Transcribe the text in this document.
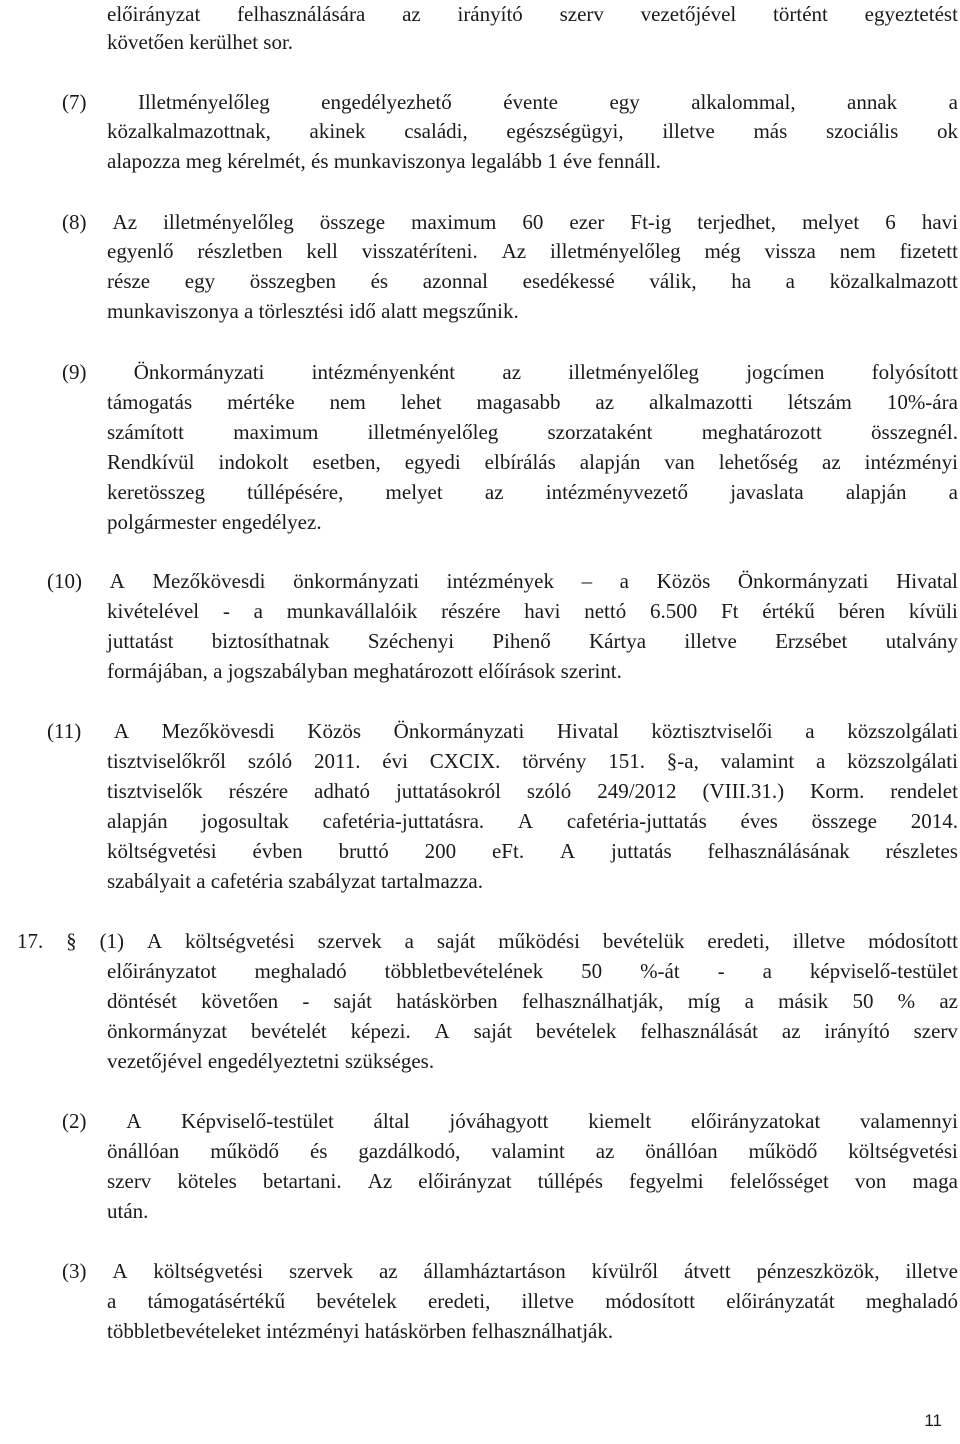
előirányzat felhasználására az irányító szerv vezetőjével történt egyeztetést
követően kerülhet sor.
(7) Illetményelőleg engedélyezhető évente egy alkalommal, annak a
közalkalmazottnak, akinek családi, egészségügyi, illetve más szociális ok
alapozza meg kérelmét, és munkaviszonya legalább 1 éve fennáll.
(8) Az illetményelőleg összege maximum 60 ezer Ft-ig terjedhet, melyet 6 havi
egyenlő részletben kell visszatéríteni. Az illetményelőleg még vissza nem fizetett
része egy összegben és azonnal esedékessé válik, ha a közalkalmazott
munkaviszonya a törlesztési idő alatt megszűnik.
(9) Önkormányzati intézményenként az illetményelőleg jogcímen folyósított
támogatás mértéke nem lehet magasabb az alkalmazotti létszám 10%-ára
számított maximum illetményelőleg szorzataként meghatározott összegnél.
Rendkívül indokolt esetben, egyedi elbírálás alapján van lehetőség az intézményi
keretösszeg túllépésére, melyet az intézményvezető javaslata alapján a
polgármester engedélyez.
(10) A Mezőkövesdi önkormányzati intézmények – a Közös Önkormányzati Hivatal
kivételével - a munkavállalóik részére havi nettó 6.500 Ft értékű béren kívüli
juttatást biztosíthatnak Széchenyi Pihenő Kártya illetve Erzsébet utalvány
formájában, a jogszabályban meghatározott előírások szerint.
(11) A Mezőkövesdi Közös Önkormányzati Hivatal köztisztviselői a közszolgálati
tisztviselőkről szóló 2011. évi CXCIX. törvény 151. §-a, valamint a közszolgálati
tisztviselők részére adható juttatásokról szóló 249/2012 (VIII.31.) Korm. rendelet
alapján jogosultak cafetéria-juttatásra. A cafetéria-juttatás éves összege 2014.
költségvetési évben bruttó 200 eFt. A juttatás felhasználásának részletes
szabályait a cafetéria szabályzat tartalmazza.
17. § (1) A költségvetési szervek a saját működési bevételük eredeti, illetve módosított
előirányzatot meghaladó többletbevételének 50 %-át - a képviselő-testület
döntését követően - saját hatáskörben felhasználhatják, míg a másik 50 % az
önkormányzat bevételét képezi. A saját bevételek felhasználását az irányító szerv
vezetőjével engedélyeztetni szükséges.
(2) A Képviselő-testület által jóváhagyott kiemelt előirányzatokat valamennyi
önállóan működő és gazdálkodó, valamint az önállóan működő költségvetési
szerv köteles betartani. Az előirányzat túllépés fegyelmi felelősséget von maga
után.
(3) A költségvetési szervek az államháztartáson kívülről átvett pénzeszközök, illetve
a támogatásértékű bevételek eredeti, illetve módosított előirányzatát meghaladó
többletbevételeket intézményi hatáskörben felhasználhatják.
11
